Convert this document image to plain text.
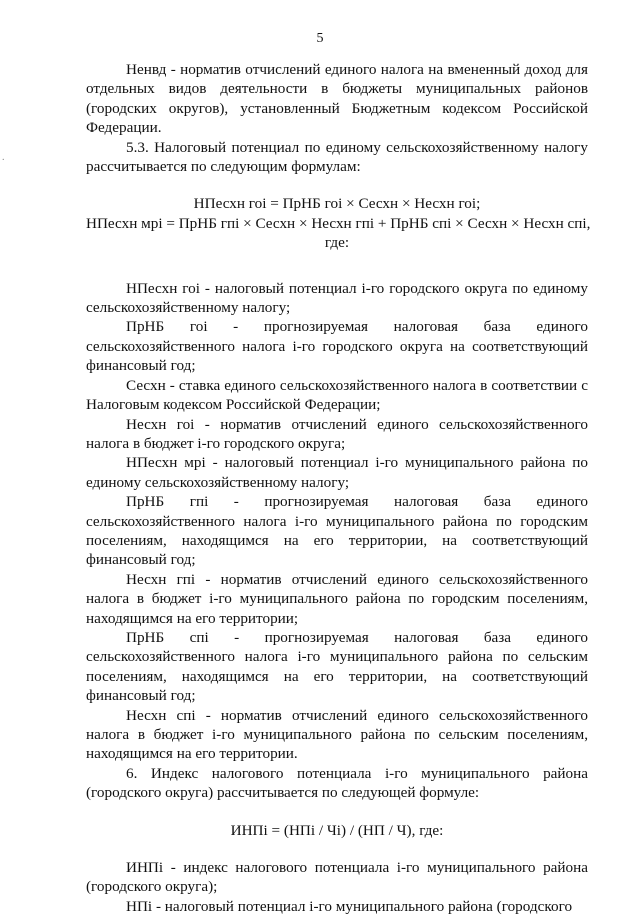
5
.

Ненвд - норматив отчислений единого налога на вмененный доход для отдельных видов деятельности в бюджеты муниципальных районов (городских округов), установленный Бюджетным кодексом Российской Федерации.

5.3. Налоговый потенциал по единому сельскохозяйственному налогу рассчитывается по следующим формулам:

НПесхн гоi = ПрНБ гоi × Сесхн × Несхн гоi;

НПесхн мрi = ПрНБ гпi × Сесхн × Несхн гпi + ПрНБ спi × Сесхн × Несхн спi,

где:

НПесхн гоi - налоговый потенциал i-го городского округа по единому сельскохозяйственному налогу;

ПрНБ гоi - прогнозируемая налоговая база единого сельскохозяйственного налога i-го городского округа на соответствующий финансовый год;

Сесхн - ставка единого сельскохозяйственного налога в соответствии с Налоговым кодексом Российской Федерации;

Несхн гоi - норматив отчислений единого сельскохозяйственного налога в бюджет i-го городского округа;

НПесхн мрi - налоговый потенциал i-го муниципального района по единому сельскохозяйственному налогу;

ПрНБ гпi - прогнозируемая налоговая база единого сельскохозяйственного налога i-го муниципального района по городским поселениям, находящимся на его территории, на соответствующий финансовый год;

Несхн гпi - норматив отчислений единого сельскохозяйственного налога в бюджет i-го муниципального района по городским поселениям, находящимся на его территории;

ПрНБ спi - прогнозируемая налоговая база единого сельскохозяйственного налога i-го муниципального района по сельским поселениям, находящимся на его территории, на соответствующий финансовый год;

Несхн спi - норматив отчислений единого сельскохозяйственного налога в бюджет i-го муниципального района по сельским поселениям, находящимся на его территории.

6. Индекс налогового потенциала i-го муниципального района (городского округа) рассчитывается по следующей формуле:

ИНПi = (НПi / Чi) / (НП / Ч), где:

ИНПi - индекс налогового потенциала i-го муниципального района (городского округа);

НПi - налоговый потенциал i-го муниципального района (городского
